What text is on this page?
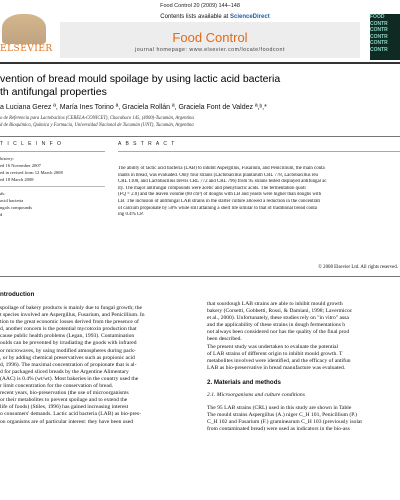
Food Control 20 (2009) 144–148
ELSEVIER
Contents lists available at ScienceDirect
Food Control
journal homepage: www.elsevier.com/locate/foodcont
FOOD
CONTR
CONTR
CONTR
CONTR
CONTR
vention of bread mould spoilage by using lactic acid bacteria
th antifungal properties
a Luciana Gerez ª, María Ines Torino ª, Graciela Rollán ª, Graciela Font de Valdez ª,ᵇ,*
o de Referencia para Lactobacilos (CERELA-CONICET), Chacabuco 145, (4000)-Tucumán, Argentina
d de Bioquímica, Química y Farmacia, Universidad Nacional de Tucumán (UNT), Tucumán, Argentina
T I C L E I N F O	A B S T R A C T
history:
ed 16 November 2007
ed in revised form 12 March 2008
ed 18 March 2008
ds:
acid bacteria
ngals compounds
d
The ability of lactic acid bacteria (LAB) to inhibit Aspergillus, Fusarium, and Penicillium, the main conta
inants in bread, was evaluated. Only four strains (Lactobacillus plantarum CRL 778, Lactobacillus reu
CRL 1100, and Lactobacillus brevis CRL 772 and CRL 796) from 95 strains tested displayed antifungal ac
ity. The major antifungal compounds were acetic and phenyllactic acids. The fermentation quoti
(FQ = 2.0) and the leaven volume (80 cm³) of doughs with LB and yeasts were higher than doughs with
LB. The inclusion of antifungal LAB strains in the starter culture allowed a reduction in the concentrati
of calcium propionate by 50% while still attaining a shelf life similar to that of traditional bread conta
ing 0.4% CP.
© 2008 Elsevier Ltd. All rights reserved.
ntroduction
spoilage of bakery products is mainly due to fungal growth; the
t species involved are Aspergillus, Fusarium, and Penicillium. In
tion to the great economic losses derived from the presence of
d, another concern is the potential mycotoxin production that
cause public health problems (Legan, 1993). Contamination
oulds can be prevented by irradiating the goods with infrared
or microwaves, by using modified atmospheres during pack-
, or by adding chemical preservatives such as propionic acid
d, 1996). The maximal concentration of propionate that is al-
d for packaged sliced breads by the Argentine Alimentary
(AAC) is 0.4% (wt/wt). Most bakeries in the country used the
r limit concentration for the conservation of bread.
recent years, bio-preservation (the use of microorganisms
or their metabolites to prevent spoilage and to extend the
life of foods) (Stiles, 1996) has gained increasing interest
o consumers' demands. Lactic acid bacteria (LAB) as bio-pres-
on organisms are of particular interest: they have been used
that sourdough LAB strains are able to inhibit mould growth
bakery (Corsetti, Gobbetti, Rossi, & Damiani, 1998; Lavermicoc
et al., 2000). Unfortunately, these studies rely on "in vitro" assa
and the applicability of these strains in dough fermentations h
not always been considered nor has the quality of the final prod
been described.
The present study was undertaken to evaluate the potential
of LAB strains of different origin to inhibit mould growth. T
metabolites involved were identified, and the efficacy of antifun
LAB as bio-preservative in bread manufacture was evaluated.
2. Materials and methods
2.1. Microorganisms and culture conditions
The 95 LAB strains (CRL) used in this study are shown in Table
The mould strains Aspergillus (A.) niger C_H 101, Penicillium (P.)
C_H 102 and Fusarium (F.) graminearum C_H 103 (previously isolat
from contaminated bread) were used as indicators in the bio-ass
